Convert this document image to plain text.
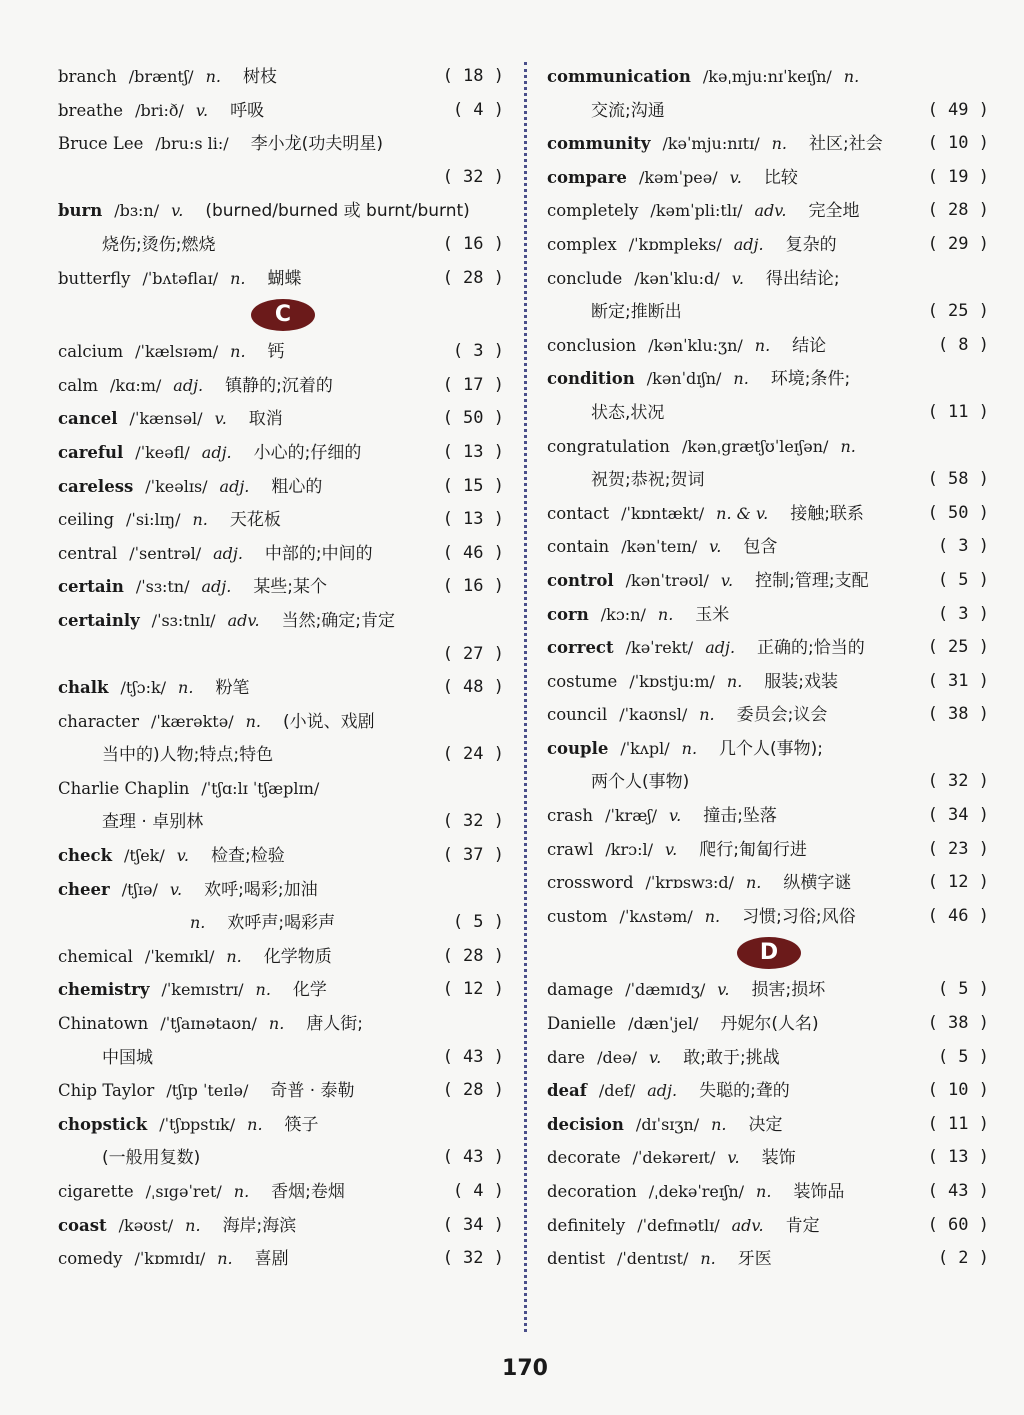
branch /bræntʃ/ n. 树枝	( 18 )
breathe /bri:ð/ v. 呼吸	( 4 )
Bruce Lee /bru:s li:/ 李小龙(功夫明星)
( 32 )
burn /bɜ:n/ v. (burned/burned 或 burnt/burnt)
烧伤;烫伤;燃烧	( 16 )
butterfly /ˈbʌtəflaɪ/ n. 蝴蝶	( 28 )
C
calcium /ˈkælsɪəm/ n. 钙	( 3 )
calm /kɑ:m/ adj. 镇静的;沉着的	( 17 )
cancel /ˈkænsəl/ v. 取消	( 50 )
careful /ˈkeəfl/ adj. 小心的;仔细的	( 13 )
careless /ˈkeəlɪs/ adj. 粗心的	( 15 )
ceiling /ˈsi:lɪŋ/ n. 天花板	( 13 )
central /ˈsentrəl/ adj. 中部的;中间的	( 46 )
certain /ˈsɜ:tn/ adj. 某些;某个	( 16 )
certainly /ˈsɜ:tnlɪ/ adv. 当然;确定;肯定
( 27 )
chalk /tʃɔ:k/ n. 粉笔	( 48 )
character /ˈkærəktə/ n. (小说、戏剧
当中的)人物;特点;特色	( 24 )
Charlie Chaplin /ˈtʃɑ:lɪ ˈtʃæplɪn/
查理 · 卓别林	( 32 )
check /tʃek/ v. 检查;检验	( 37 )
cheer /tʃɪə/ v. 欢呼;喝彩;加油
n. 欢呼声;喝彩声	( 5 )
chemical /ˈkemɪkl/ n. 化学物质	( 28 )
chemistry /ˈkemɪstrɪ/ n. 化学	( 12 )
Chinatown /ˈtʃaɪnətaʊn/ n. 唐人街;
中国城	( 43 )
Chip Taylor /tʃɪp ˈteɪlə/ 奇普 · 泰勒	( 28 )
chopstick /ˈtʃɒpstɪk/ n. 筷子
(一般用复数)	( 43 )
cigarette /ˌsɪgəˈret/ n. 香烟;卷烟	( 4 )
coast /kəʊst/ n. 海岸;海滨	( 34 )
comedy /ˈkɒmɪdɪ/ n. 喜剧	( 32 )
communication /kəˌmju:nɪˈkeɪʃn/ n.
交流;沟通	( 49 )
community /kəˈmju:nɪtɪ/ n. 社区;社会	( 10 )
compare /kəmˈpeə/ v. 比较	( 19 )
completely /kəmˈpli:tlɪ/ adv. 完全地	( 28 )
complex /ˈkɒmpleks/ adj. 复杂的	( 29 )
conclude /kənˈklu:d/ v. 得出结论;
断定;推断出	( 25 )
conclusion /kənˈklu:ʒn/ n. 结论	( 8 )
condition /kənˈdɪʃn/ n. 环境;条件;
状态,状况	( 11 )
congratulation /kənˌgrætʃʊˈleɪʃən/ n.
祝贺;恭祝;贺词	( 58 )
contact /ˈkɒntækt/ n. & v. 接触;联系	( 50 )
contain /kənˈteɪn/ v. 包含	( 3 )
control /kənˈtrəʊl/ v. 控制;管理;支配	( 5 )
corn /kɔ:n/ n. 玉米	( 3 )
correct /kəˈrekt/ adj. 正确的;恰当的	( 25 )
costume /ˈkɒstju:m/ n. 服装;戏装	( 31 )
council /ˈkaʊnsl/ n. 委员会;议会	( 38 )
couple /ˈkʌpl/ n. 几个人(事物);
两个人(事物)	( 32 )
crash /ˈkræʃ/ v. 撞击;坠落	( 34 )
crawl /krɔ:l/ v. 爬行;匍匐行进	( 23 )
crossword /ˈkrɒswɜ:d/ n. 纵横字谜	( 12 )
custom /ˈkʌstəm/ n. 习惯;习俗;风俗	( 46 )
D
damage /ˈdæmɪdʒ/ v. 损害;损坏	( 5 )
Danielle /dænˈjel/ 丹妮尔(人名)	( 38 )
dare /deə/ v. 敢;敢于;挑战	( 5 )
deaf /def/ adj. 失聪的;聋的	( 10 )
decision /dɪˈsɪʒn/ n. 决定	( 11 )
decorate /ˈdekəreɪt/ v. 装饰	( 13 )
decoration /ˌdekəˈreɪʃn/ n. 装饰品	( 43 )
definitely /ˈdefɪnətlɪ/ adv. 肯定	( 60 )
dentist /ˈdentɪst/ n. 牙医	( 2 )
170
